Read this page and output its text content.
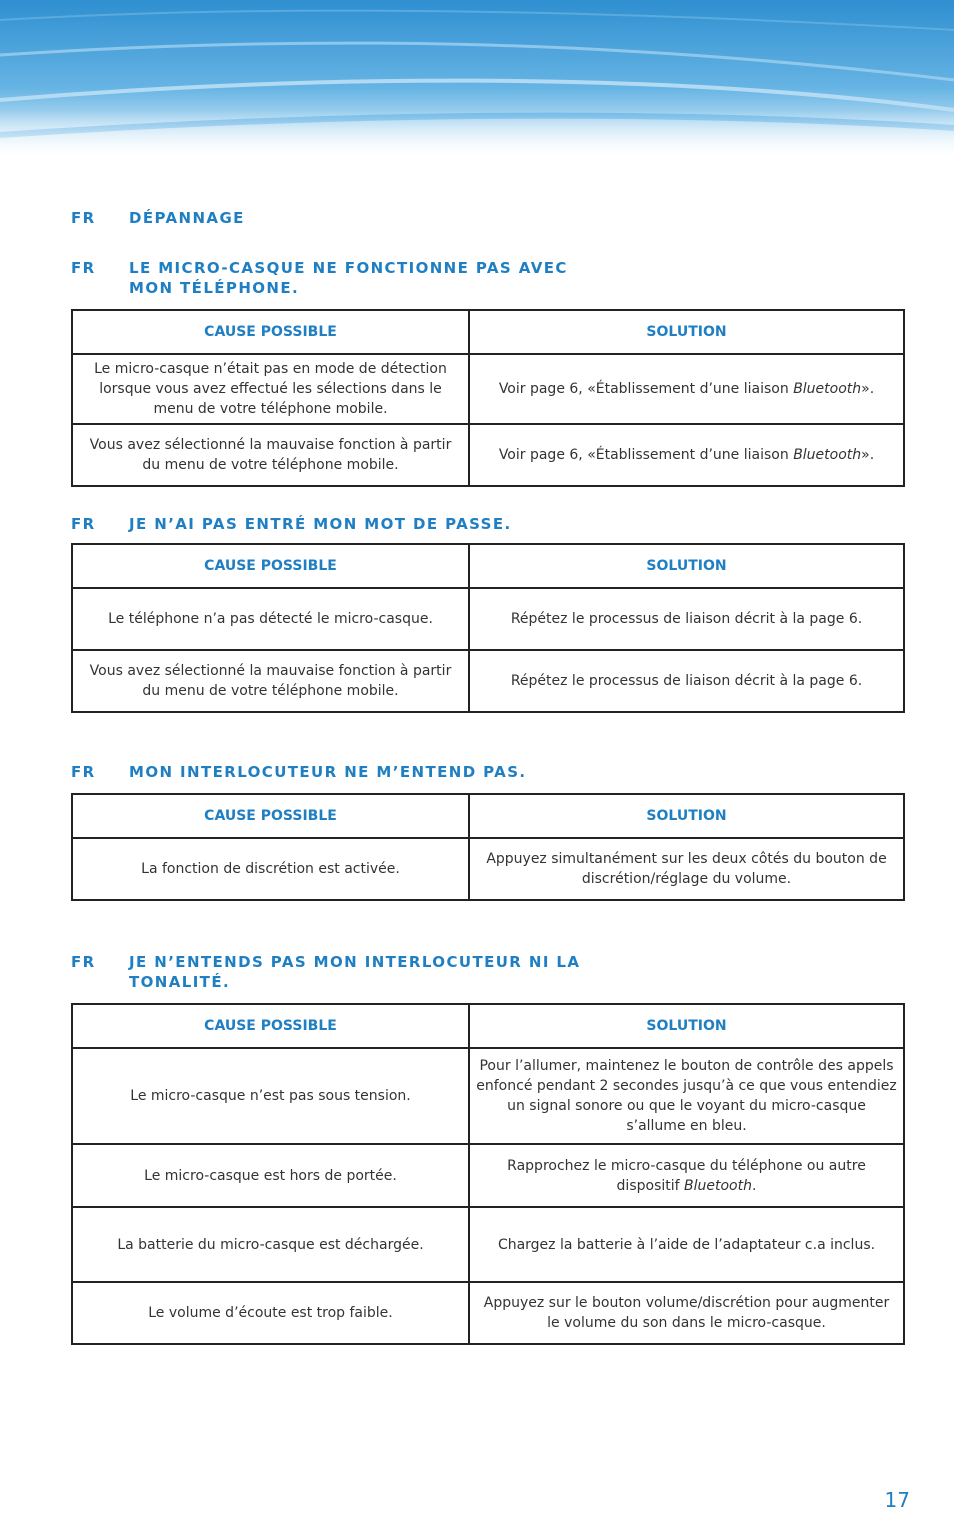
FR	DÉPANNAGE
FR	LE MICRO-CASQUE NE FONCTIONNE PAS AVEC
MON TÉLÉPHONE.
CAUSE POSSIBLE	SOLUTION
Le micro-casque n’était pas en mode de détection lorsque vous avez effectué les sélections dans le menu de votre téléphone mobile.	Voir page 6, «Établissement d’une liaison Bluetooth».
Vous avez sélectionné la mauvaise fonction à partir du menu de votre téléphone mobile.	Voir page 6, «Établissement d’une liaison Bluetooth».
FR	JE N’AI PAS ENTRÉ MON MOT DE PASSE.
CAUSE POSSIBLE	SOLUTION
Le téléphone n’a pas détecté le micro-casque.	Répétez le processus de liaison décrit à la page 6.
Vous avez sélectionné la mauvaise fonction à partir du menu de votre téléphone mobile.	Répétez le processus de liaison décrit à la page 6.
FR	MON INTERLOCUTEUR NE M’ENTEND PAS.
CAUSE POSSIBLE	SOLUTION
La fonction de discrétion est activée.	Appuyez simultanément sur les deux côtés du bouton de discrétion/réglage du volume.
FR	JE N’ENTENDS PAS MON INTERLOCUTEUR NI LA
TONALITÉ.
CAUSE POSSIBLE	SOLUTION
Le micro-casque n’est pas sous tension.	Pour l’allumer, maintenez le bouton de contrôle des appels enfoncé pendant 2 secondes jusqu’à ce que vous entendiez un signal sonore ou que le voyant du micro-casque s’allume en bleu.
Le micro-casque est hors de portée.	Rapprochez le micro-casque du téléphone ou autre dispositif Bluetooth.
La batterie du micro-casque est déchargée.	Chargez la batterie à l’aide de l’adaptateur c.a inclus.
Le volume d’écoute est trop faible.	Appuyez sur le bouton volume/discrétion pour augmenter le volume du son dans le micro-casque.
17
